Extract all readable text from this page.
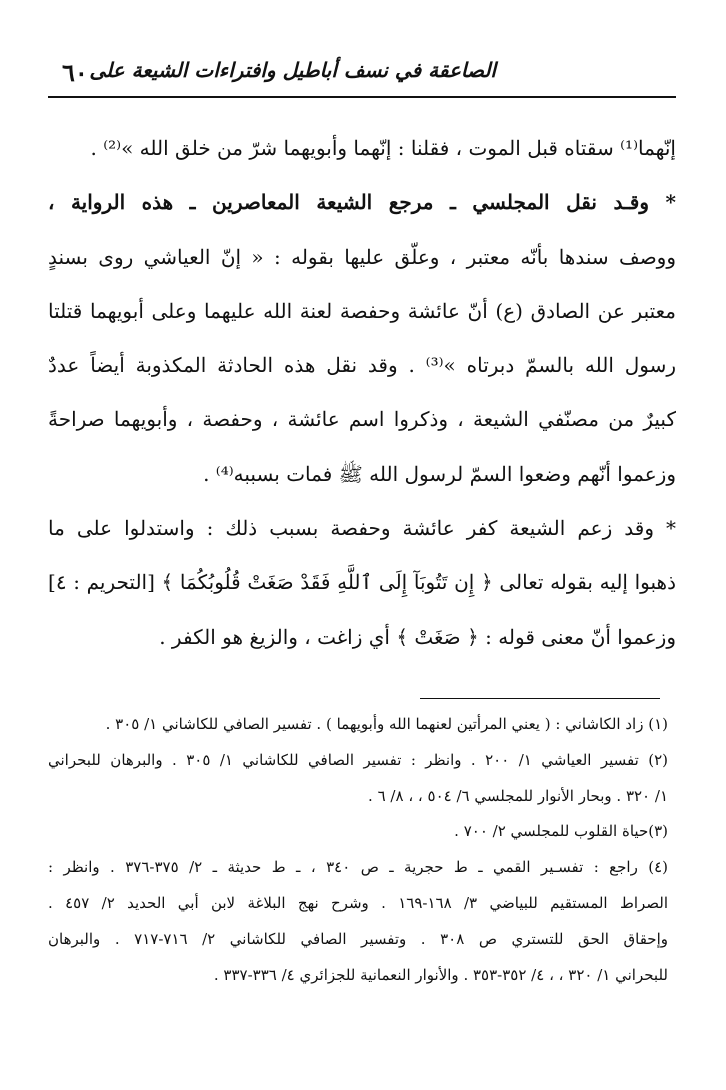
٦٠ الصاعقة في نسف أباطيل وافتراءات الشيعة على
إنّهما⁽¹⁾ سقتاه قبل الموت ، فقلنا : إنّهما وأبويهما شرّ من خلق الله »⁽²⁾ .
* وقـد نقل المجلسي ـ مرجع الشيعة المعاصرين ـ هذه الرواية ،
ووصف سندها بأنّه معتبر ، وعلّق عليها بقوله : « إنّ العياشي روى بسندٍ
معتبر عن الصادق (ع) أنّ عائشة وحفصة لعنة الله عليهما وعلى أبويهما قتلتا
رسول الله بالسمّ دبرتاه »⁽³⁾ . وقد نقل هذه الحادثة المكذوبة أيضاً عددٌ
كبيرٌ من مصنّفي الشيعة ، وذكروا اسم عائشة ، وحفصة ، وأبويهما صراحةً
وزعموا أنّهم وضعوا السمّ لرسول الله ﷺ فمات بسببه⁽⁴⁾ .
* وقد زعم الشيعة كفر عائشة وحفصة بسبب ذلك : واستدلوا على ما
ذهبوا إليه بقوله تعالى ﴿ إِن تَتُوبَآ إِلَى ٱللَّهِ فَقَدْ صَغَتْ قُلُوبُكُمَا ﴾ [التحريم : ٤]
وزعموا أنّ معنى قوله : ﴿ صَغَتْ ﴾ أي زاغت ، والزيغ هو الكفر .
(١) زاد الكاشاني : ( يعني المرأتين لعنهما الله وأبويهما ) . تفسير الصافي للكاشاني ١/ ٣٠٥ .
(٢) تفسير العياشي ١/ ٢٠٠ . وانظر : تفسير الصافي للكاشاني ١/ ٣٠٥ . والبرهان للبحراني
١/ ٣٢٠ . وبحار الأنوار للمجلسي ٦/ ٥٠٤ ، ، ٨/ ٦ .
(٣)حياة القلوب للمجلسي ٢/ ٧٠٠ .
(٤) راجع : تفسـير القمي ـ ط حجرية ـ ص ٣٤٠ ، ـ ط حديثة ـ ٢/ ٣٧٥-٣٧٦ . وانظر :
الصراط المستقيم للبياضي ٣/ ١٦٨-١٦٩ . وشرح نهج البلاغة لابن أبي الحديد ٢/ ٤٥٧ .
وإحقاق الحق للتستري ص ٣٠٨ . وتفسير الصافي للكاشاني ٢/ ٧١٦-٧١٧ . والبرهان
للبحراني ١/ ٣٢٠ ، ، ٤/ ٣٥٢-٣٥٣ . والأنوار النعمانية للجزائري ٤/ ٣٣٦-٣٣٧ .
